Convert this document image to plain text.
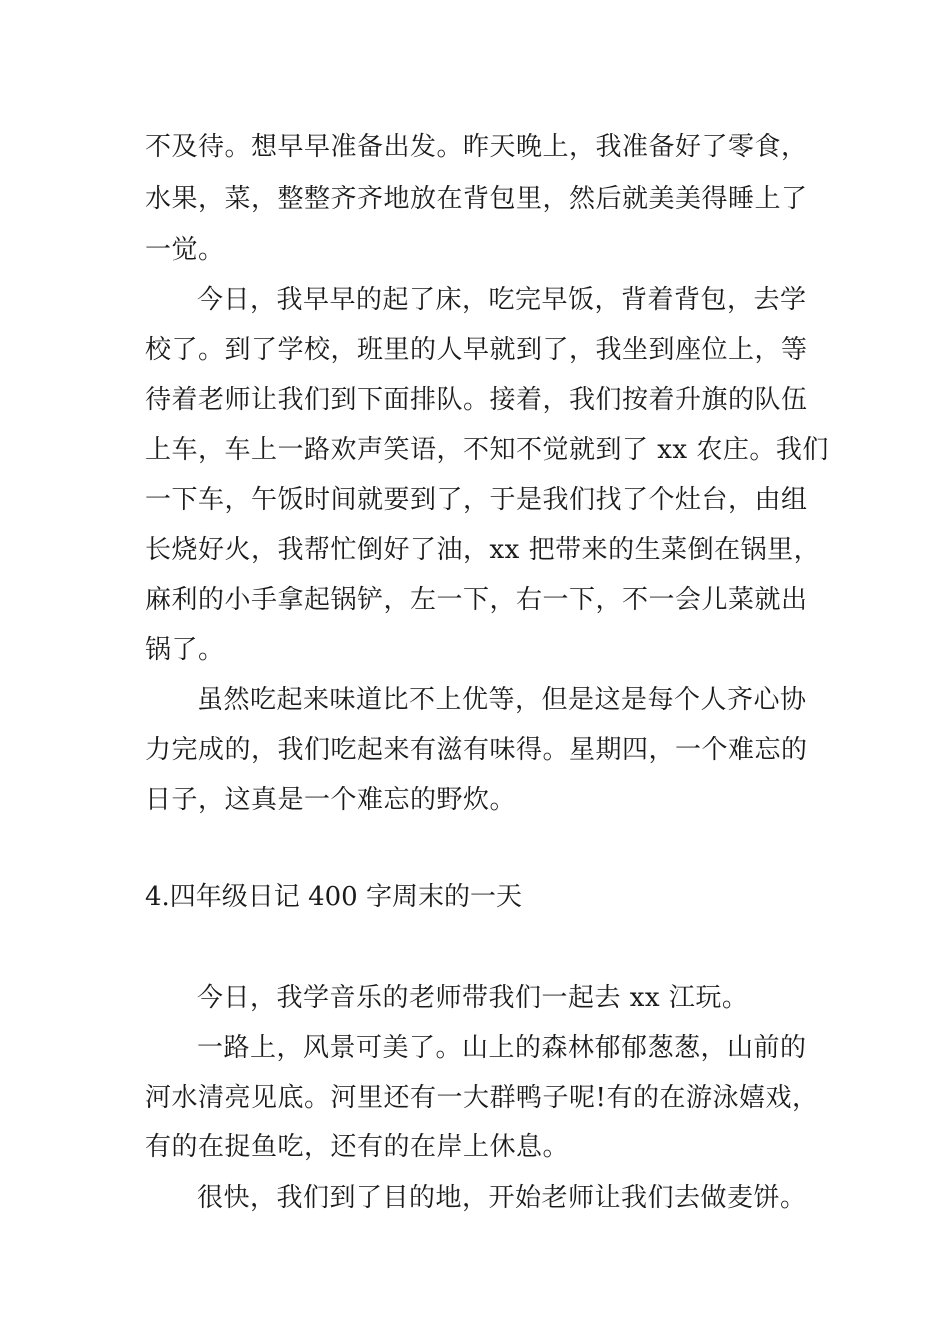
不及待。想早早准备出发。昨天晚上，我准备好了零食，
水果，菜，整整齐齐地放在背包里，然后就美美得睡上了
一觉。
今日，我早早的起了床，吃完早饭，背着背包，去学
校了。到了学校，班里的人早就到了，我坐到座位上，等
待着老师让我们到下面排队。接着，我们按着升旗的队伍
上车，车上一路欢声笑语，不知不觉就到了 xx 农庄。我们
一下车，午饭时间就要到了，于是我们找了个灶台，由组
长烧好火，我帮忙倒好了油，xx 把带来的生菜倒在锅里，
麻利的小手拿起锅铲，左一下，右一下，不一会儿菜就出
锅了。
虽然吃起来味道比不上优等，但是这是每个人齐心协
力完成的，我们吃起来有滋有味得。星期四，一个难忘的
日子，这真是一个难忘的野炊。
4.四年级日记 400 字周末的一天
今日，我学音乐的老师带我们一起去 xx 江玩。
一路上，风景可美了。山上的森林郁郁葱葱，山前的
河水清亮见底。河里还有一大群鸭子呢!有的在游泳嬉戏，
有的在捉鱼吃，还有的在岸上休息。
很快，我们到了目的地，开始老师让我们去做麦饼。
